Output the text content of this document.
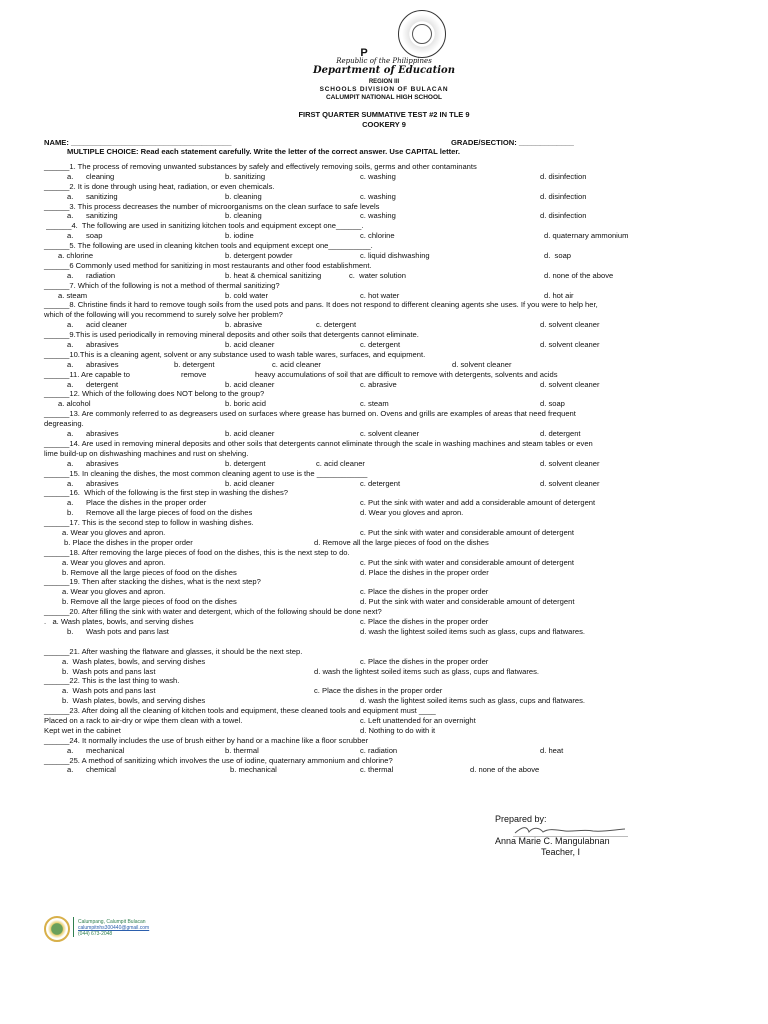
P
Republic of the Philippines
Department of Education
REGION III
SCHOOLS DIVISION OF BULACAN
CALUMPIT NATIONAL HIGH SCHOOL
FIRST QUARTER SUMMATIVE TEST #2 IN TLE 9
COOKERY 9
NAME: ______________________________________	GRADE/SECTION: _____________
MULTIPLE CHOICE: Read each statement carefully. Write the letter of the correct answer. Use CAPITAL letter.
______1. The process of removing unwanted substances by safely and effectively removing soils, germs and other contaminants
a.      cleaning	b. sanitizing	c. washing	d. disinfection
______2. It is done through using heat, radiation, or even chemicals.
a.      sanitizing	b. cleaning	c. washing	d. disinfection
______3. This process decreases the number of microorganisms on the clean surface to safe levels
a.      sanitizing	b. cleaning	c. washing	d. disinfection
______4.  The following are used in sanitizing kitchen tools and equipment except one______.
a.      soap	b. iodine	c. chlorine	d. quaternary ammonium
______5. The following are used in cleaning kitchen tools and equipment except one__________.
a. chlorine	b. detergent powder	c. liquid dishwashing	d.  soap
______6 Commonly used method for sanitizing in most restaurants and other food establishment.
a.      radiation	b. heat & chemical sanitizing	c.  water solution	d. none of the above
______7. Which of the following is not a method of thermal sanitizing?
a. steam	b. cold water	c. hot water	d. hot air
______8. Christine finds it hard to remove tough soils from the used pots and pans. It does not respond to different cleaning agents she uses. If you were to help her,
which of the following will you recommend to surely solve her problem?
a.      acid cleaner	b. abrasive	c. detergent	d. solvent cleaner
______9.This is used periodically in removing mineral deposits and other soils that detergents cannot eliminate.
a.      abrasives	b. acid cleaner	c. detergent	d. solvent cleaner
______10.This is a cleaning agent, solvent or any substance used to wash table wares, surfaces, and equipment.
a.      abrasives	b. detergent	c. acid cleaner	d. solvent cleaner
______11. Are capable to	remove	heavy accumulations of soil that are difficult to remove with detergents, solvents and acids
a.      detergent	b. acid cleaner	c. abrasive	d. solvent cleaner
______12. Which of the following does NOT belong to the group?
a. alcohol	b. boric acid	c. steam	d. soap
______13. Are commonly referred to as degreasers used on surfaces where grease has burned on. Ovens and grills are examples of areas that need frequent
degreasing.
a.      abrasives	b. acid cleaner	c. solvent cleaner	d. detergent
______14. Are used in removing mineral deposits and other soils that detergents cannot eliminate through the scale in washing machines and steam tables or even
lime build-up on dishwashing machines and rust on shelving.
a.      abrasives	b. detergent	c. acid cleaner	d. solvent cleaner
______15. In cleaning the dishes, the most common cleaning agent to use is the ____________
a.      abrasives	b. acid cleaner	c. detergent	d. solvent cleaner
______16.  Which of the following is the first step in washing the dishes?
a.      Place the dishes in the proper order	c. Put the sink with water and add a considerable amount of detergent
b.      Remove all the large pieces of food on the dishes	d. Wear you gloves and apron.
______17. This is the second step to follow in washing dishes.
a. Wear you gloves and apron.	c. Put the sink with water and considerable amount of detergent
b. Place the dishes in the proper order	d. Remove all the large pieces of food on the dishes
______18. After removing the large pieces of food on the dishes, this is the next step to do.
a. Wear you gloves and apron.	c. Put the sink with water and considerable amount of detergent
b. Remove all the large pieces of food on the dishes	d. Place the dishes in the proper order
______19. Then after stacking the dishes, what is the next step?
a. Wear you gloves and apron.	c. Place the dishes in the proper order
b. Remove all the large pieces of food on the dishes	d. Put the sink with water and considerable amount of detergent
______20. After filling the sink with water and detergent, which of the following should be done next?
.   a. Wash plates, bowls, and serving dishes	c. Place the dishes in the proper order
b.      Wash pots and pans last	d. wash the lightest soiled items such as glass, cups and flatwares.
______21. After washing the flatware and glasses, it should be the next step.
a.  Wash plates, bowls, and serving dishes	c. Place the dishes in the proper order
b.  Wash pots and pans last	d. wash the lightest soiled items such as glass, cups and flatwares.
______22. This is the last thing to wash.
a.  Wash pots and pans last	c. Place the dishes in the proper order
b.  Wash plates, bowls, and serving dishes	d. wash the lightest soiled items such as glass, cups and flatwares.
______23. After doing all the cleaning of kitchen tools and equipment, these cleaned tools and equipment must ____
Placed on a rack to air-dry or wipe them clean with a towel.	c. Left unattended for an overnight
Kept wet in the cabinet	d. Nothing to do with it
______24. It normally includes the use of brush either by hand or a machine like a floor scrubber
a.      mechanical	b. thermal	c. radiation	d. heat
______25. A method of sanitizing which involves the use of iodine, quaternary ammonium and chlorine?
a.      chemical	b. mechanical	c. thermal	d. none of the above
Prepared by:
Anna Marie C. Mangulabnan
Teacher, I
Calumpang, Calumpit Bulacan
calumpitnhs300440@gmail.com
(044) 673-2048
